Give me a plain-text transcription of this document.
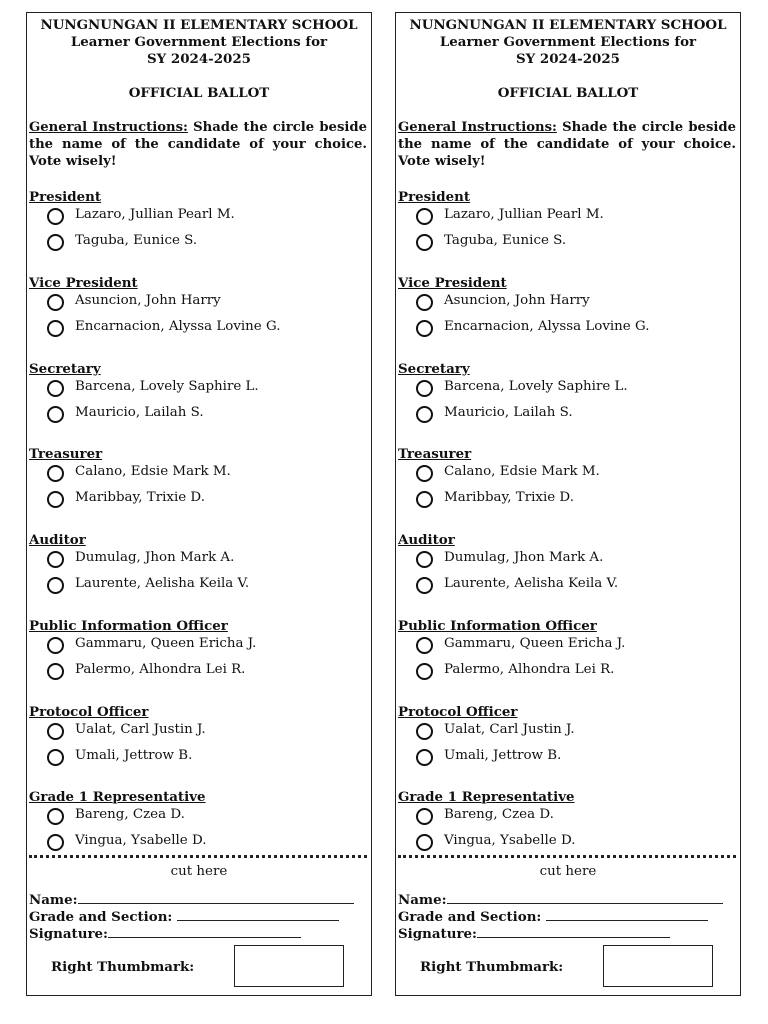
NUNGNUNGAN II ELEMENTARY SCHOOL
Learner Government Elections for
SY 2024-2025
OFFICIAL BALLOT
General Instructions: Shade the circle beside the name of the candidate of your choice. Vote wisely!
President
Lazaro, Jullian Pearl M.
Taguba, Eunice S.
Vice President
Asuncion, John Harry
Encarnacion, Alyssa Lovine G.
Secretary
Barcena, Lovely Saphire L.
Mauricio, Lailah S.
Treasurer
Calano, Edsie Mark M.
Maribbay, Trixie D.
Auditor
Dumulag, Jhon Mark A.
Laurente, Aelisha Keila V.
Public Information Officer
Gammaru, Queen Ericha J.
Palermo, Alhondra Lei R.
Protocol Officer
Ualat, Carl Justin J.
Umali, Jettrow B.
Grade 1 Representative
Bareng, Czea D.
Vingua, Ysabelle D.
cut here
Name:
Grade and Section:
Signature:
Right Thumbmark:
NUNGNUNGAN II ELEMENTARY SCHOOL
Learner Government Elections for
SY 2024-2025
OFFICIAL BALLOT
General Instructions: Shade the circle beside the name of the candidate of your choice. Vote wisely!
President
Lazaro, Jullian Pearl M.
Taguba, Eunice S.
Vice President
Asuncion, John Harry
Encarnacion, Alyssa Lovine G.
Secretary
Barcena, Lovely Saphire L.
Mauricio, Lailah S.
Treasurer
Calano, Edsie Mark M.
Maribbay, Trixie D.
Auditor
Dumulag, Jhon Mark A.
Laurente, Aelisha Keila V.
Public Information Officer
Gammaru, Queen Ericha J.
Palermo, Alhondra Lei R.
Protocol Officer
Ualat, Carl Justin J.
Umali, Jettrow B.
Grade 1 Representative
Bareng, Czea D.
Vingua, Ysabelle D.
cut here
Name:
Grade and Section:
Signature:
Right Thumbmark:
